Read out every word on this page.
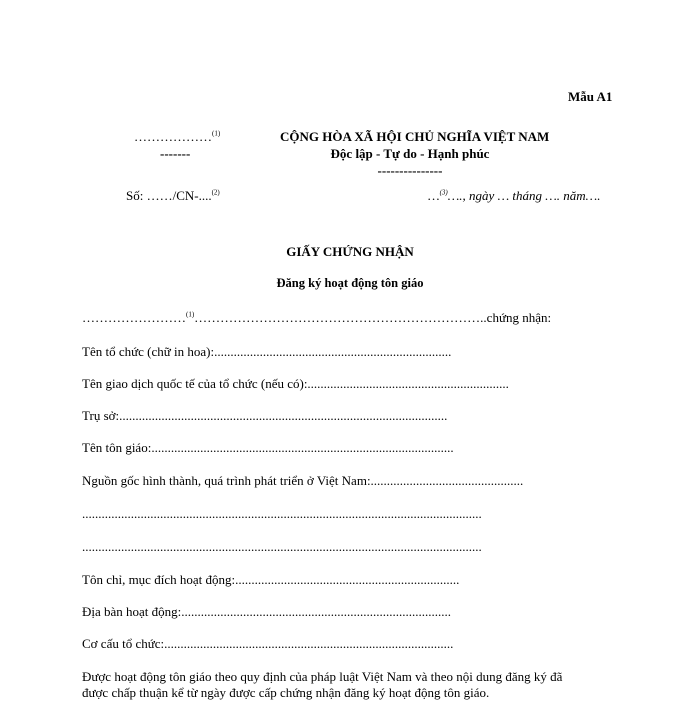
Mẫu A1
………………$^{(1)}$
-------
CỘNG HÒA XÃ HỘI CHỦ NGHĨA VIỆT NAM
Độc lập - Tự do - Hạnh phúc
---------------
Số: ……/CN-....$^{(2)}$	…$^{(3)}$…., ngày … tháng …. năm….
GIẤY CHỨNG NHẬN
Đăng ký hoạt động tôn giáo
……………………$^{(1)}$…………………………………………………………..chứng nhận:
Tên tổ chức (chữ in hoa):.........................................................................
Tên giao dịch quốc tế của tổ chức (nếu có):..............................................................
Trụ sở:.....................................................................................................
Tên tôn giáo:.............................................................................................
Nguồn gốc hình thành, quá trình phát triển ở Việt Nam:...............................................
...........................................................................................................................
...........................................................................................................................
Tôn chỉ, mục đích hoạt động:.....................................................................
Địa bàn hoạt động:...................................................................................
Cơ cấu tổ chức:.........................................................................................
Được hoạt động tôn giáo theo quy định của pháp luật Việt Nam và theo nội dung đăng ký đã
được chấp thuận kể từ ngày được cấp chứng nhận đăng ký hoạt động tôn giáo.
